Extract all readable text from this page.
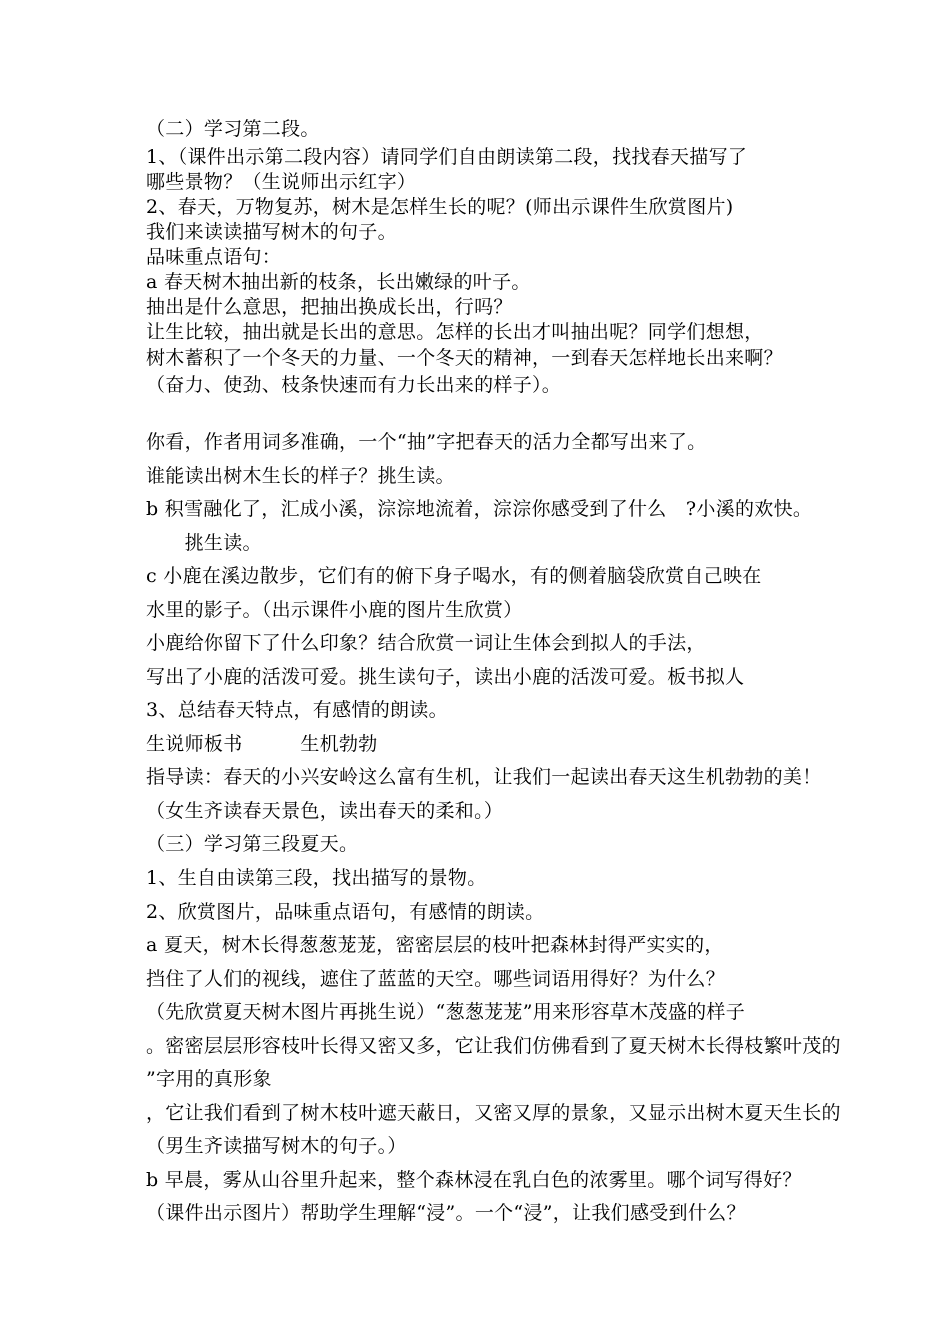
（二）学习第二段。
1、（课件出示第二段内容）请同学们自由朗读第二段，找找春天描写了
哪些景物？（生说师出示红字）
2、春天，万物复苏，树木是怎样生长的呢？(师出示课件生欣赏图片)
我们来读读描写树木的句子。
品味重点语句：
a 春天树木抽出新的枝条，长出嫩绿的叶子。
抽出是什么意思，把抽出换成长出，行吗？
让生比较，抽出就是长出的意思。怎样的长出才叫抽出呢？同学们想想，
树木蓄积了一个冬天的力量、一个冬天的精神，一到春天怎样地长出来啊？
（奋力、使劲、枝条快速而有力长出来的样子）。
你看，作者用词多准确，一个“抽”字把春天的活力全都写出来了。
谁能读出树木生长的样子？挑生读。
b 积雪融化了，汇成小溪，淙淙地流着，淙淙你感受到了什么　?小溪的欢快。
　　挑生读。
c 小鹿在溪边散步，它们有的俯下身子喝水，有的侧着脑袋欣赏自己映在
水里的影子。（出示课件小鹿的图片生欣赏）
小鹿给你留下了什么印象？结合欣赏一词让生体会到拟人的手法，
写出了小鹿的活泼可爱。挑生读句子，读出小鹿的活泼可爱。板书拟人
3、总结春天特点，有感情的朗读。
生说师板书　　　生机勃勃
指导读：春天的小兴安岭这么富有生机，让我们一起读出春天这生机勃勃的美！
（女生齐读春天景色，读出春天的柔和。）
（三）学习第三段夏天。
1、生自由读第三段，找出描写的景物。
2、欣赏图片，品味重点语句，有感情的朗读。
a 夏天，树木长得葱葱茏茏，密密层层的枝叶把森林封得严实实的，
挡住了人们的视线，遮住了蓝蓝的天空。哪些词语用得好？为什么？
（先欣赏夏天树木图片再挑生说）“葱葱茏茏”用来形容草木茂盛的样子
。密密层层形容枝叶长得又密又多，它让我们仿佛看到了夏天树木长得枝繁叶茂的
”字用的真形象
，它让我们看到了树木枝叶遮天蔽日，又密又厚的景象，又显示出树木夏天生长的
（男生齐读描写树木的句子。）
b 早晨，雾从山谷里升起来，整个森林浸在乳白色的浓雾里。哪个词写得好？
（课件出示图片）帮助学生理解“浸”。一个“浸”，让我们感受到什么？
